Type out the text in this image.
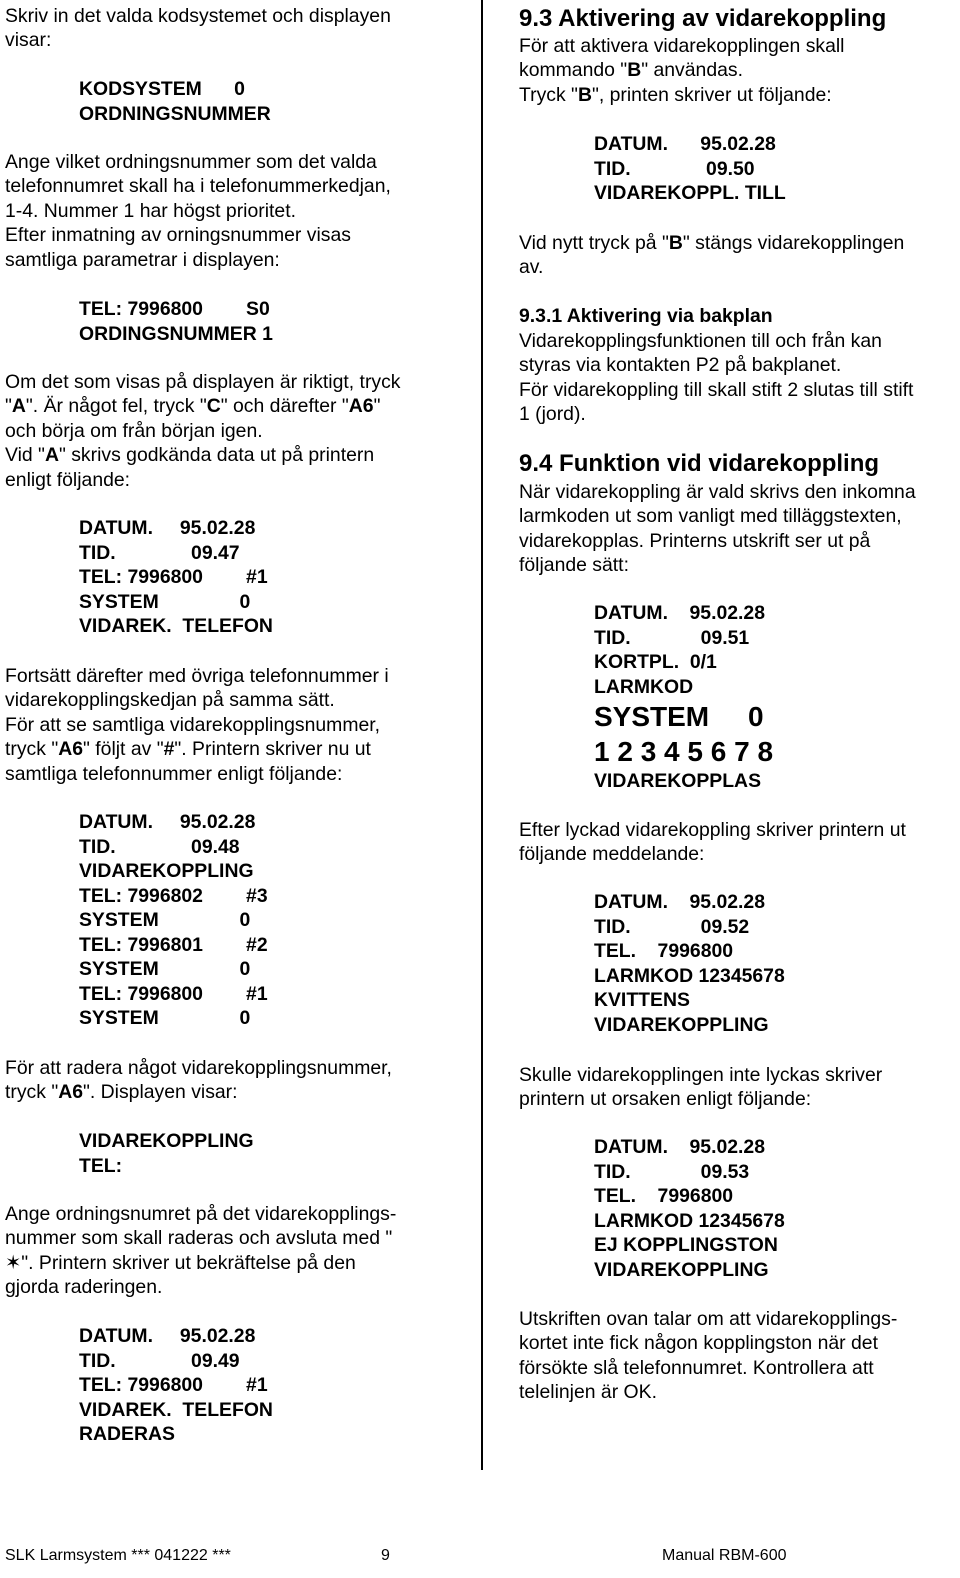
Skriv in det valda kodsystemet och displayen
visar:

KODSYSTEM      0
ORDNINGSNUMMER

Ange vilket ordningsnummer som det valda
telefonnumret skall ha i telefonummerkedjan,
1-4. Nummer 1 har högst prioritet.
Efter inmatning av orningsnummer visas
samtliga parametrar i displayen:

TEL: 7996800        S0
ORDINGSNUMMER 1

Om det som visas på displayen är riktigt, tryck
"A". Är något fel, tryck "C" och därefter "A6"
och börja om från början igen.
Vid "A" skrivs godkända data ut på printern
enligt följande:

DATUM.     95.02.28
TID.              09.47
TEL: 7996800        #1
SYSTEM               0
VIDAREK.  TELEFON

Fortsätt därefter med övriga telefonnummer i
vidarekopplingskedjan på samma sätt.
För att se samtliga vidarekopplingsnummer,
tryck "A6" följt av "#". Printern skriver nu ut
samtliga telefonnummer enligt följande:

DATUM.     95.02.28
TID.              09.48
VIDAREKOPPLING
TEL: 7996802        #3
SYSTEM               0
TEL: 7996801        #2
SYSTEM               0
TEL: 7996800        #1
SYSTEM               0

För att radera något vidarekopplingsnummer,
tryck "A6". Displayen visar:

VIDAREKOPPLING
TEL:

Ange ordningsnumret på det vidarekopplings-
nummer som skall raderas och avsluta med "
✶". Printern skriver ut bekräftelse på den
gjorda raderingen.

DATUM.     95.02.28
TID.              09.49
TEL: 7996800        #1
VIDAREK.  TELEFON
RADERAS
9.3 Aktivering av vidarekoppling

För att aktivera vidarekopplingen skall
kommando "B" användas.
Tryck "B", printen skriver ut följande:

DATUM.      95.02.28
TID.              09.50
VIDAREKOPPL. TILL

Vid nytt tryck på "B" stängs vidarekopplingen
av.

9.3.1 Aktivering via bakplan

Vidarekopplingsfunktionen till och från kan
styras via kontakten P2 på bakplanet.
För vidarekoppling till skall stift 2 slutas till stift
1 (jord).

9.4 Funktion vid vidarekoppling

När vidarekoppling är vald skrivs den inkomna
larmkoden ut som vanligt med tilläggstexten,
vidarekopplas. Printerns utskrift ser ut på
följande sätt:

DATUM.    95.02.28
TID.             09.51
KORTPL.  0/1
LARMKOD
SYSTEM     0
1 2 3 4 5 6 7 8
VIDAREKOPPLAS

Efter lyckad vidarekoppling skriver printern ut
följande meddelande:

DATUM.    95.02.28
TID.             09.52
TEL.    7996800
LARMKOD 12345678
KVITTENS
VIDAREKOPPLING

Skulle vidarekopplingen inte lyckas skriver
printern ut orsaken enligt följande:

DATUM.    95.02.28
TID.             09.53
TEL.    7996800
LARMKOD 12345678
EJ KOPPLINGSTON
VIDAREKOPPLING

Utskriften ovan talar om att vidarekopplings-
kortet inte fick någon kopplingston när det
försökte slå telefonnumret. Kontrollera att
telelinjen är OK.

SLK Larmsystem *** 041222 ***	9	Manual RBM-600
